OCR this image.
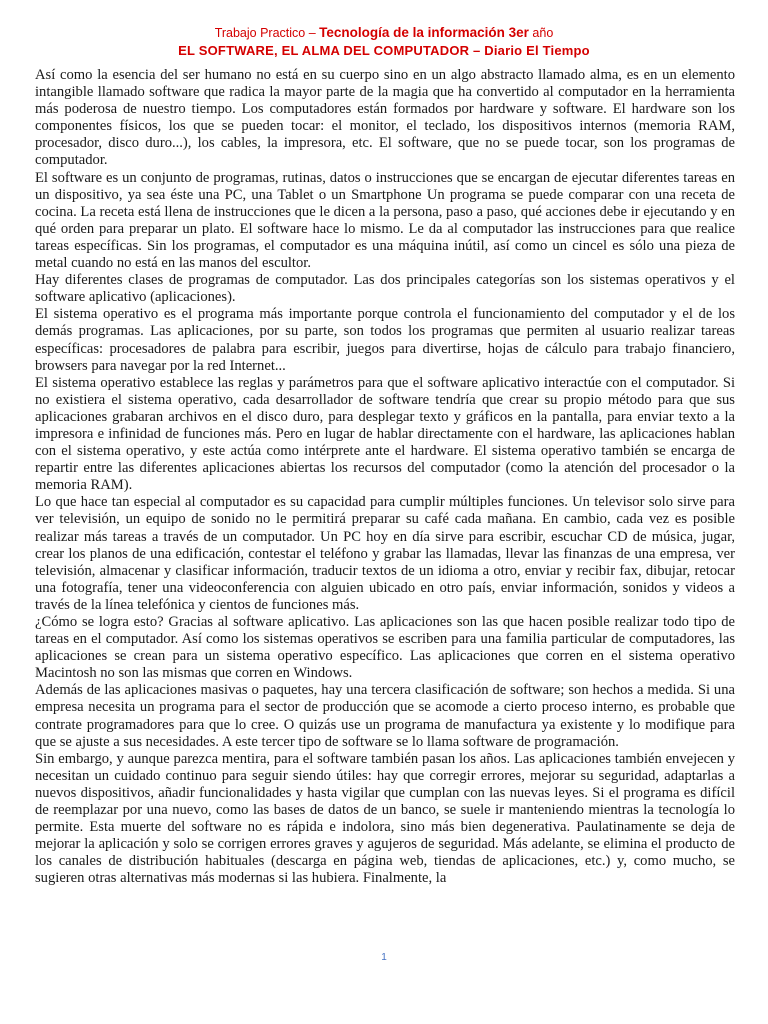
Trabajo Practico – Tecnología de la información 3er año

EL SOFTWARE, EL ALMA DEL COMPUTADOR – Diario El Tiempo

Así como la esencia del ser humano no está en su cuerpo sino en un algo abstracto llamado alma, es en un elemento intangible llamado software que radica la mayor parte de la magia que ha convertido al computador en la herramienta más poderosa de nuestro tiempo. Los computadores están formados por hardware y software. El hardware son los componentes físicos, los que se pueden tocar: el monitor, el teclado, los dispositivos internos (memoria RAM, procesador, disco duro...), los cables, la impresora, etc. El software, que no se puede tocar, son los programas de computador.

El software es un conjunto de programas, rutinas, datos o instrucciones que se encargan de ejecutar diferentes tareas en un dispositivo, ya sea éste una PC, una Tablet o un Smartphone Un programa se puede comparar con una receta de cocina. La receta está llena de instrucciones que le dicen a la persona, paso a paso, qué acciones debe ir ejecutando y en qué orden para preparar un plato. El software hace lo mismo. Le da al computador las instrucciones para que realice tareas específicas. Sin los programas, el computador es una máquina inútil, así como un cincel es sólo una pieza de metal cuando no está en las manos del escultor.

Hay diferentes clases de programas de computador. Las dos principales categorías son los sistemas operativos y el software aplicativo (aplicaciones).

El sistema operativo es el programa más importante porque controla el funcionamiento del computador y el de los demás programas. Las aplicaciones, por su parte, son todos los programas que permiten al usuario realizar tareas específicas: procesadores de palabra para escribir, juegos para divertirse, hojas de cálculo para trabajo financiero, browsers para navegar por la red Internet...

El sistema operativo establece las reglas y parámetros para que el software aplicativo interactúe con el computador. Si no existiera el sistema operativo, cada desarrollador de software tendría que crear su propio método para que sus aplicaciones grabaran archivos en el disco duro, para desplegar texto y gráficos en la pantalla, para enviar texto a la impresora e infinidad de funciones más. Pero en lugar de hablar directamente con el hardware, las aplicaciones hablan con el sistema operativo, y este actúa como intérprete ante el hardware. El sistema operativo también se encarga de repartir entre las diferentes aplicaciones abiertas los recursos del computador (como la atención del procesador o la memoria RAM).

Lo que hace tan especial al computador es su capacidad para cumplir múltiples funciones. Un televisor solo sirve para ver televisión, un equipo de sonido no le permitirá preparar su café cada mañana. En cambio, cada vez es posible realizar más tareas a través de un computador. Un PC hoy en día sirve para escribir, escuchar CD de música, jugar, crear los planos de una edificación, contestar el teléfono y grabar las llamadas, llevar las finanzas de una empresa, ver televisión, almacenar y clasificar información, traducir textos de un idioma a otro, enviar y recibir fax, dibujar, retocar una fotografía, tener una videoconferencia con alguien ubicado en otro país, enviar información, sonidos y videos a través de la línea telefónica y cientos de funciones más.

¿Cómo se logra esto? Gracias al software aplicativo. Las aplicaciones son las que hacen posible realizar todo tipo de tareas en el computador. Así como los sistemas operativos se escriben para una familia particular de computadores, las aplicaciones se crean para un sistema operativo específico. Las aplicaciones que corren en el sistema operativo Macintosh no son las mismas que corren en Windows.

Además de las aplicaciones masivas o paquetes, hay una tercera clasificación de software; son hechos a medida. Si una empresa necesita un programa para el sector de producción que se acomode a cierto proceso interno, es probable que contrate programadores para que lo cree. O quizás use un programa de manufactura ya existente y lo modifique para que se ajuste a sus necesidades. A este tercer tipo de software se lo llama software de programación.

Sin embargo, y aunque parezca mentira, para el software también pasan los años. Las aplicaciones también envejecen y necesitan un cuidado continuo para seguir siendo útiles: hay que corregir errores, mejorar su seguridad, adaptarlas a nuevos dispositivos, añadir funcionalidades y hasta vigilar que cumplan con las nuevas leyes. Si el programa es difícil de reemplazar por una nuevo, como las bases de datos de un banco, se suele ir manteniendo mientras la tecnología lo permite. Esta muerte del software no es rápida e indolora, sino más bien degenerativa. Paulatinamente se deja de mejorar la aplicación y solo se corrigen errores graves y agujeros de seguridad. Más adelante, se elimina el producto de los canales de distribución habituales (descarga en página web, tiendas de aplicaciones, etc.) y, como mucho, se sugieren otras alternativas más modernas si las hubiera. Finalmente, la

1
